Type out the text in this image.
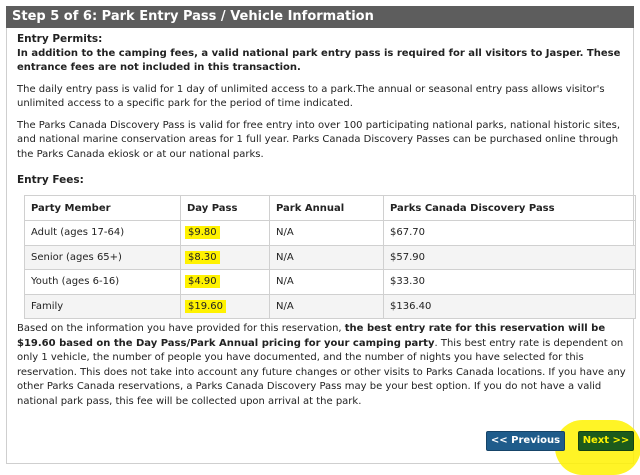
Step 5 of 6: Park Entry Pass / Vehicle Information

Entry Permits:

In addition to the camping fees, a valid national park entry pass is required for all visitors to Jasper. These entrance fees are not included in this transaction.

The daily entry pass is valid for 1 day of unlimited access to a park.The annual or seasonal entry pass allows visitor's unlimited access to a specific park for the period of time indicated.

The Parks Canada Discovery Pass is valid for free entry into over 100 participating national parks, national historic sites, and national marine conservation areas for 1 full year. Parks Canada Discovery Passes can be purchased online through the Parks Canada ekiosk or at our national parks.

Entry Fees:
Party Member	Day Pass	Park Annual	Parks Canada Discovery Pass
Adult (ages 17-64)	$9.80	N/A	$67.70
Senior (ages 65+)	$8.30	N/A	$57.90
Youth (ages 6-16)	$4.90	N/A	$33.30
Family	$19.60	N/A	$136.40

Based on the information you have provided for this reservation, the best entry rate for this reservation will be $19.60 based on the Day Pass/Park Annual pricing for your camping party. This best entry rate is dependent on only 1 vehicle, the number of people you have documented, and the number of nights you have selected for this reservation. This does not take into account any future changes or other visits to Parks Canada locations. If you have any other Parks Canada reservations, a Parks Canada Discovery Pass may be your best option. If you do not have a valid national park pass, this fee will be collected upon arrival at the park.

<< Previous	Next >>
